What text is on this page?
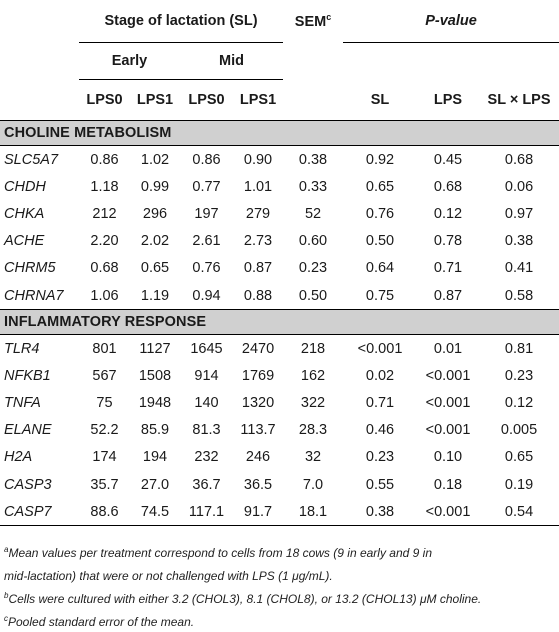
	Stage of lactation (SL)				SEM$^c$	P-value		
	Early		Mid					
	LPS0	LPS1	LPS0	LPS1		SL	LPS	SL × LPS
CHOLINE METABOLISM								
SLC5A7	0.86	1.02	0.86	0.90	0.38	0.92	0.45	0.68
CHDH	1.18	0.99	0.77	1.01	0.33	0.65	0.68	0.06
CHKA	212	296	197	279	52	0.76	0.12	0.97
ACHE	2.20	2.02	2.61	2.73	0.60	0.50	0.78	0.38
CHRM5	0.68	0.65	0.76	0.87	0.23	0.64	0.71	0.41
CHRNA7	1.06	1.19	0.94	0.88	0.50	0.75	0.87	0.58
INFLAMMATORY RESPONSE								
TLR4	801	1127	1645	2470	218	<0.001	0.01	0.81
NFKB1	567	1508	914	1769	162	0.02	<0.001	0.23
TNFA	75	1948	140	1320	322	0.71	<0.001	0.12
ELANE	52.2	85.9	81.3	113.7	28.3	0.46	<0.001	0.005
H2A	174	194	232	246	32	0.23	0.10	0.65
CASP3	35.7	27.0	36.7	36.5	7.0	0.55	0.18	0.19
CASP7	88.6	74.5	117.1	91.7	18.1	0.38	<0.001	0.54
$^a$Mean values per treatment correspond to cells from 18 cows (9 in early and 9 in
mid-lactation) that were or not challenged with LPS (1 μg/mL).
$^b$Cells were cultured with either 3.2 (CHOL3), 8.1 (CHOL8), or 13.2 (CHOL13) μM choline.
$^c$Pooled standard error of the mean.
